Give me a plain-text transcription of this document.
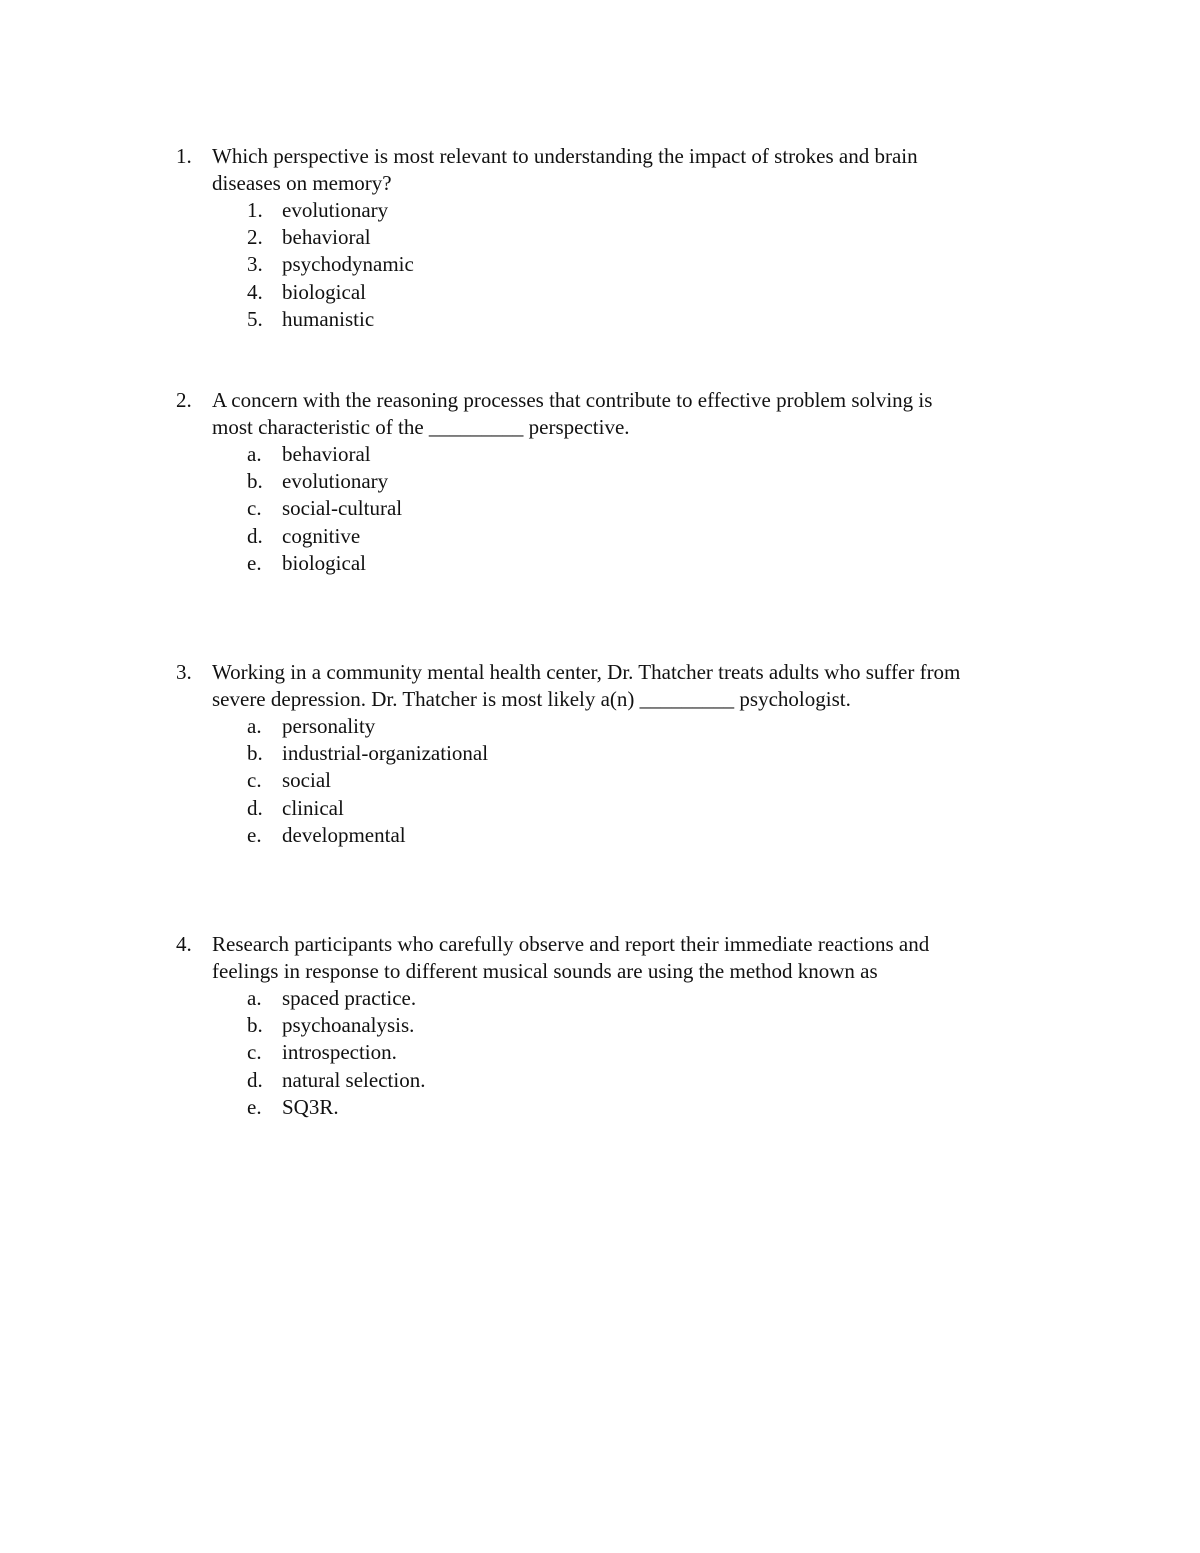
1. Which perspective is most relevant to understanding the impact of strokes and brain
diseases on memory?
1. evolutionary
2. behavioral
3. psychodynamic
4. biological
5. humanistic
2. A concern with the reasoning processes that contribute to effective problem solving is
most characteristic of the _________ perspective.
a. behavioral
b. evolutionary
c. social-cultural
d. cognitive
e. biological
3. Working in a community mental health center, Dr. Thatcher treats adults who suffer from
severe depression. Dr. Thatcher is most likely a(n) _________ psychologist.
a. personality
b. industrial-organizational
c. social
d. clinical
e. developmental
4. Research participants who carefully observe and report their immediate reactions and
feelings in response to different musical sounds are using the method known as
a. spaced practice.
b. psychoanalysis.
c. introspection.
d. natural selection.
e. SQ3R.
